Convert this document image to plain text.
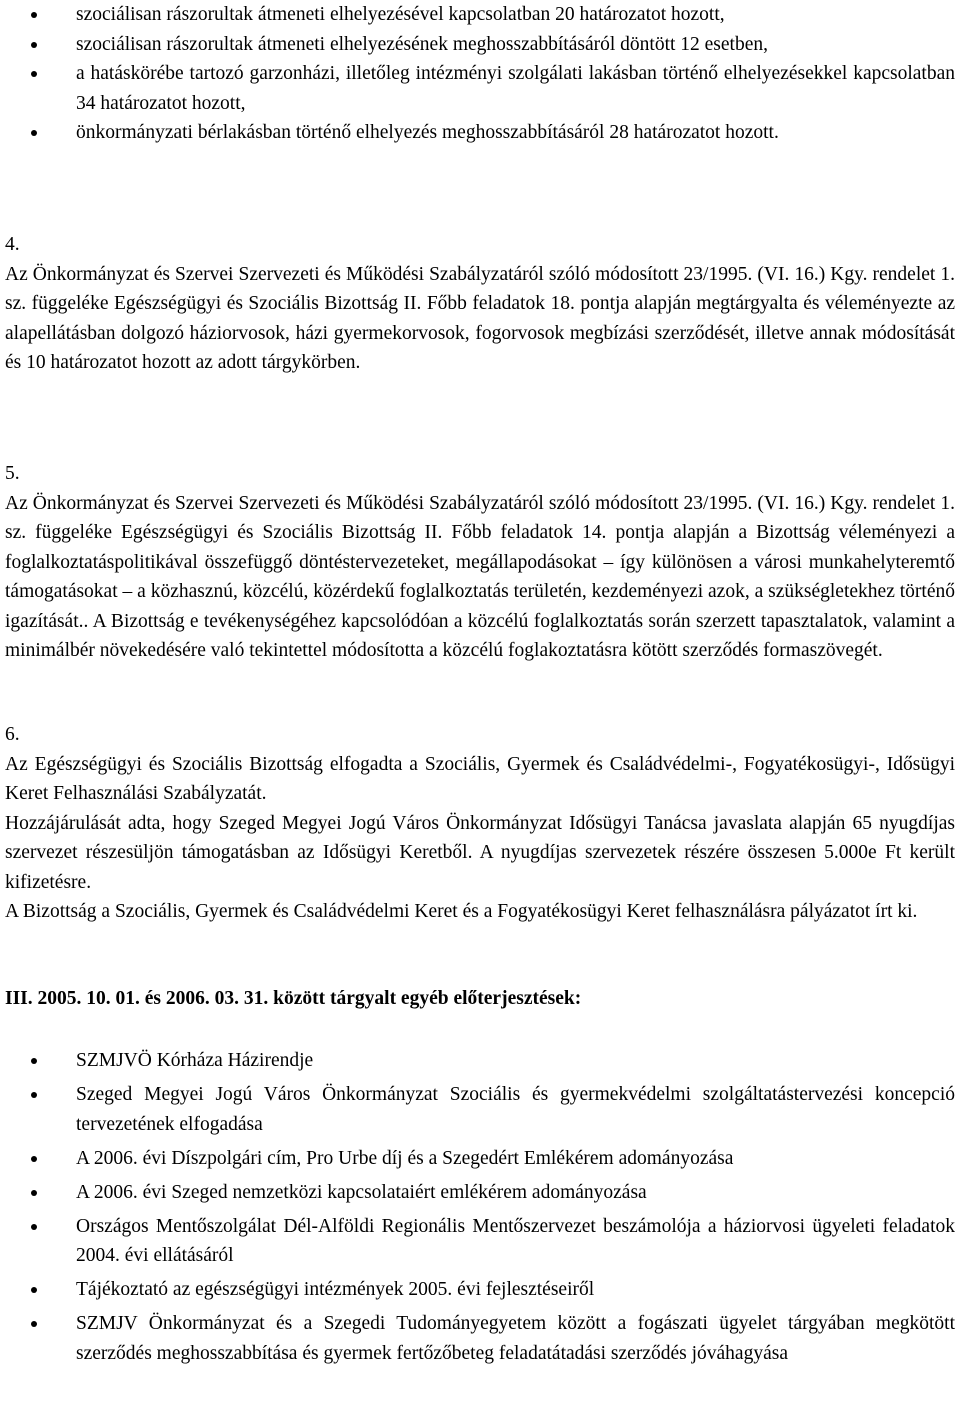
szociálisan rászorultak átmeneti elhelyezésével kapcsolatban 20 határozatot hozott,
szociálisan rászorultak átmeneti elhelyezésének meghosszabbításáról döntött 12 esetben,
a hatáskörébe tartozó garzonházi, illetőleg intézményi szolgálati lakásban történő elhelyezésekkel kapcsolatban 34 határozatot hozott,
önkormányzati bérlakásban történő elhelyezés meghosszabbításáról 28 határozatot hozott.
4.

Az Önkormányzat és Szervei Szervezeti és Működési Szabályzatáról szóló módosított 23/1995. (VI. 16.) Kgy. rendelet 1. sz. függeléke Egészségügyi és Szociális Bizottság II. Főbb feladatok 18. pontja alapján megtárgyalta és véleményezte az alapellátásban dolgozó háziorvosok, házi gyermekorvosok, fogorvosok megbízási szerződését, illetve annak módosítását és 10 határozatot hozott az adott tárgykörben.

5.

Az Önkormányzat és Szervei Szervezeti és Működési Szabályzatáról szóló módosított 23/1995. (VI. 16.) Kgy. rendelet 1. sz. függeléke Egészségügyi és Szociális Bizottság II. Főbb feladatok 14. pontja alapján a Bizottság véleményezi a foglalkoztatáspolitikával összefüggő döntéstervezeteket, megállapodásokat – így különösen a városi munkahelyteremtő támogatásokat – a közhasznú, közcélú, közérdekű foglalkoztatás területén, kezdeményezi azok, a szükségletekhez történő igazítását.. A Bizottság e tevékenységéhez kapcsolódóan a közcélú foglalkoztatás során szerzett tapasztalatok, valamint a minimálbér növekedésére való tekintettel módosította a közcélú foglakoztatásra kötött szerződés formaszövegét.

6.

Az Egészségügyi és Szociális Bizottság elfogadta a Szociális, Gyermek és Családvédelmi-, Fogyatékosügyi-, Idősügyi Keret Felhasználási Szabályzatát.

Hozzájárulását adta, hogy Szeged Megyei Jogú Város Önkormányzat Idősügyi Tanácsa javaslata alapján 65 nyugdíjas szervezet részesüljön támogatásban az Idősügyi Keretből. A nyugdíjas szervezetek részére összesen 5.000e Ft került kifizetésre.

A Bizottság a Szociális, Gyermek és Családvédelmi Keret és a Fogyatékosügyi Keret felhasználásra pályázatot írt ki.

III. 2005. 10. 01. és 2006. 03. 31. között tárgyalt egyéb előterjesztések:

SZMJVÖ Kórháza Házirendje
Szeged Megyei Jogú Város Önkormányzat Szociális és gyermekvédelmi szolgáltatástervezési koncepció tervezetének elfogadása
A 2006. évi Díszpolgári cím, Pro Urbe díj és a Szegedért Emlékérem adományozása
A 2006. évi Szeged nemzetközi kapcsolataiért emlékérem adományozása
Országos Mentőszolgálat Dél-Alföldi Regionális Mentőszervezet beszámolója a háziorvosi ügyeleti feladatok 2004. évi ellátásáról
Tájékoztató az egészségügyi intézmények 2005. évi fejlesztéseiről
SZMJV Önkormányzat és a Szegedi Tudományegyetem között a fogászati ügyelet tárgyában megkötött szerződés meghosszabbítása és gyermek fertőzőbeteg feladatátadási szerződés jóváhagyása
